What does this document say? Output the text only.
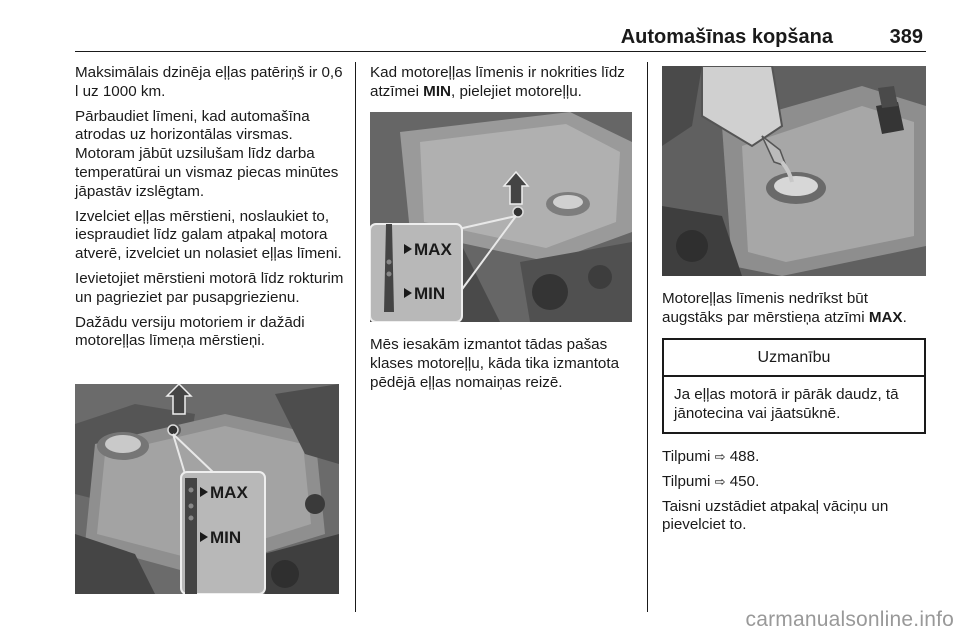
Automašīnas kopšana	389

Maksimālais dzinēja eļļas patēriņš ir 0,6 l uz 1000 km.

Pārbaudiet līmeni, kad automašīna atrodas uz horizontālas virsmas. Motoram jābūt uzsilušam līdz darba temperatūrai un vismaz piecas minūtes jāpastāv izslēgtam.

Izvelciet eļļas mērstieni, noslaukiet to, iespraudiet līdz galam atpakaļ motora atverē, izvelciet un nolasiet eļļas līmeni.

Ievietojiet mērstieni motorā līdz rokturim un pagrieziet par pusapgriezienu.

Dažādu versiju motoriem ir dažādi motoreļļas līmeņa mērstieņi.

MAX
MIN

Kad motoreļļas līmenis ir nokrities līdz atzīmei MIN, pielejiet motoreļļu.

MAX
MIN

Mēs iesakām izmantot tādas pašas klases motoreļļu, kāda tika izmantota pēdējā eļļas nomaiņas reizē.

Motoreļļas līmenis nedrīkst būt augstāks par mērstieņa atzīmi MAX.

Uzmanību
Ja eļļas motorā ir pārāk daudz, tā jānotecina vai jāatsūknē.

Tilpumi ⇨ 488.

Tilpumi ⇨ 450.

Taisni uzstādiet atpakaļ vāciņu un pievelciet to.

carmanualsonline.info
